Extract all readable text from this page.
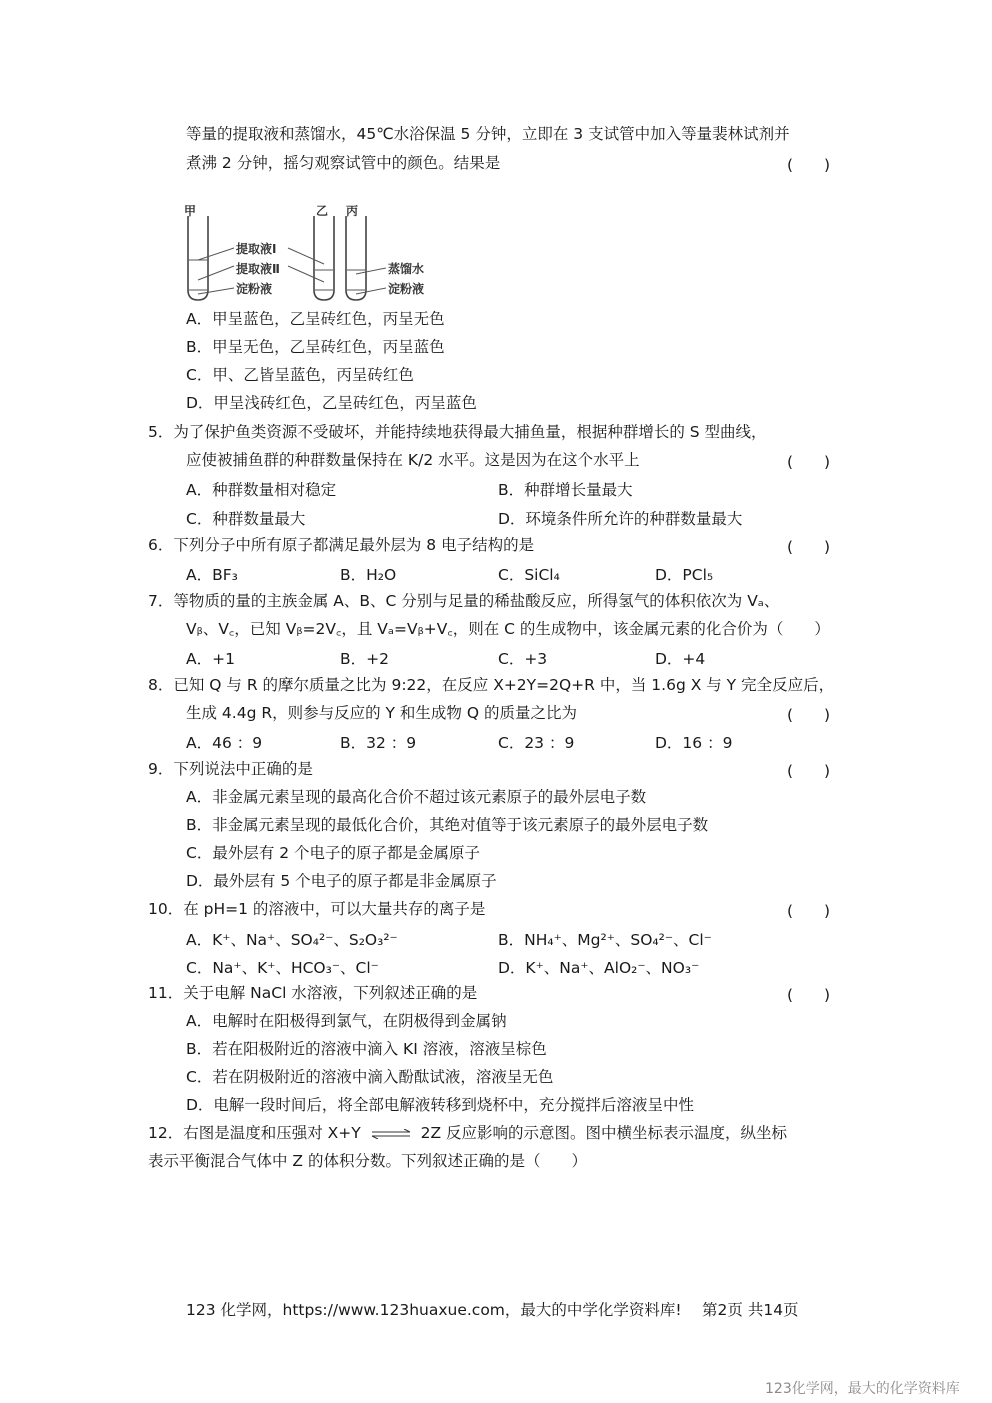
等量的提取液和蒸馏水，45℃水浴保温 5 分钟，立即在 3 支试管中加入等量裴林试剂并
煮沸 2 分钟，摇匀观察试管中的颜色。结果是	(　　)
甲	乙 丙
提取液Ⅰ
提取液Ⅱ
淀粉液
蒸馏水
淀粉液
A．甲呈蓝色，乙呈砖红色，丙呈无色
B．甲呈无色，乙呈砖红色，丙呈蓝色
C．甲、乙皆呈蓝色，丙呈砖红色
D．甲呈浅砖红色，乙呈砖红色，丙呈蓝色
5．为了保护鱼类资源不受破坏，并能持续地获得最大捕鱼量，根据种群增长的 S 型曲线，
应使被捕鱼群的种群数量保持在 K/2 水平。这是因为在这个水平上	(　　)
A．种群数量相对稳定	B．种群增长量最大
C．种群数量最大	D．环境条件所允许的种群数量最大
6．下列分子中所有原子都满足最外层为 8 电子结构的是	(　　)
A．BF₃	B．H₂O	C．SiCl₄	D．PCl₅
7．等物质的量的主族金属 A、B、C 分别与足量的稀盐酸反应，所得氢气的体积依次为 Vₐ、
Vᵦ、V꜀，已知 Vᵦ=2V꜀，且 Vₐ=Vᵦ+V꜀，则在 C 的生成物中，该金属元素的化合价为（　　）
A．+1	B．+2	C．+3	D．+4
8．已知 Q 与 R 的摩尔质量之比为 9:22，在反应 X+2Y=2Q+R 中，当 1.6g X 与 Y 完全反应后，
生成 4.4g R，则参与反应的 Y 和生成物 Q 的质量之比为	(　　)
A．46 ：9	B．32 ：9	C．23 ：9	D．16 ：9
9．下列说法中正确的是	(　　)
A．非金属元素呈现的最高化合价不超过该元素原子的最外层电子数
B．非金属元素呈现的最低化合价，其绝对值等于该元素原子的最外层电子数
C．最外层有 2 个电子的原子都是金属原子
D．最外层有 5 个电子的原子都是非金属原子
10．在 pH=1 的溶液中，可以大量共存的离子是	(　　)
A．K⁺、Na⁺、SO₄²⁻、S₂O₃²⁻	B．NH₄⁺、Mg²⁺、SO₄²⁻、Cl⁻
C．Na⁺、K⁺、HCO₃⁻、Cl⁻	D．K⁺、Na⁺、AlO₂⁻、NO₃⁻
11．关于电解 NaCl 水溶液，下列叙述正确的是	(　　)
A．电解时在阳极得到氯气，在阴极得到金属钠
B．若在阳极附近的溶液中滴入 KI 溶液，溶液呈棕色
C．若在阴极附近的溶液中滴入酚酞试液，溶液呈无色
D．电解一段时间后，将全部电解液转移到烧杯中，充分搅拌后溶液呈中性
12．右图是温度和压强对 X+Y ⇌ 2Z 反应影响的示意图。图中横坐标表示温度，纵坐标
表示平衡混合气体中 Z 的体积分数。下列叙述正确的是（　　）
123 化学网，https://www.123huaxue.com，最大的中学化学资料库!　 第2页 共14页
123化学网，最大的化学资料库
